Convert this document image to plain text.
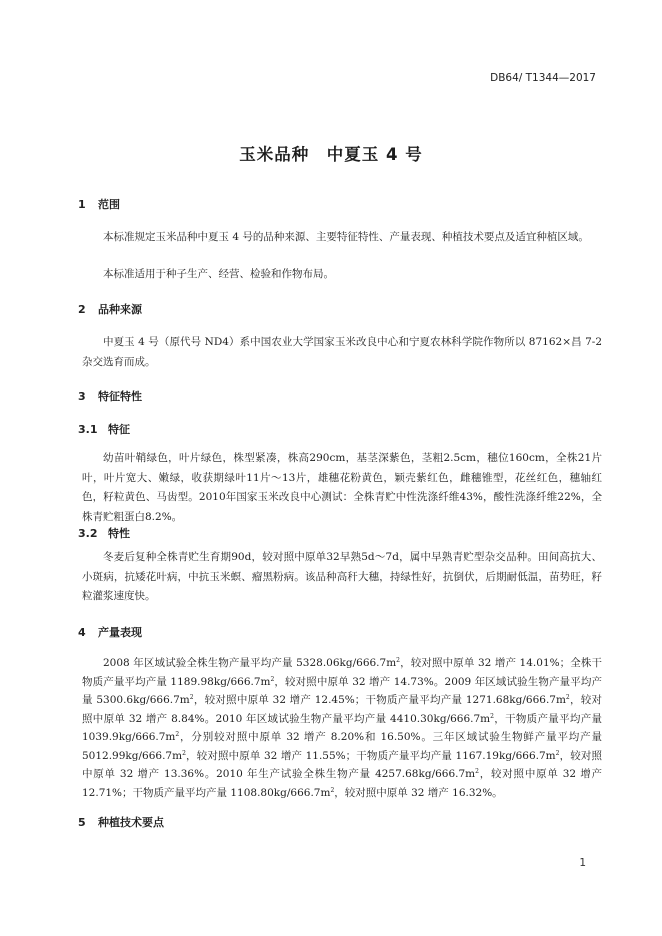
DB64/ T1344—2017
玉米品种　中夏玉 4 号
1 范围
本标准规定玉米品种中夏玉 4 号的品种来源、主要特征特性、产量表现、种植技术要点及适宜种植区域。
本标准适用于种子生产、经营、检验和作物布局。
2 品种来源
中夏玉 4 号（原代号 ND4）系中国农业大学国家玉米改良中心和宁夏农林科学院作物所以 87162×昌 7-2 杂交选育而成。
3 特征特性
3.1 特征
幼苗叶鞘绿色，叶片绿色，株型紧凑，株高290cm，基茎深紫色，茎粗2.5cm，穗位160cm，全株21片叶，叶片宽大、嫩绿，收获期绿叶11片～13片，雄穗花粉黄色，颖壳紫红色，雌穗锥型，花丝红色，穗轴红色，籽粒黄色、马齿型。2010年国家玉米改良中心测试：全株青贮中性洗涤纤维43%，酸性洗涤纤维22%，全株青贮粗蛋白8.2%。
3.2 特性
冬麦后复种全株青贮生育期90d，较对照中原单32早熟5d～7d，属中早熟青贮型杂交品种。田间高抗大、小斑病，抗矮花叶病，中抗玉米螟、瘤黑粉病。该品种高秆大穗，持绿性好，抗倒伏，后期耐低温，苗势旺，籽粒灌浆速度快。
4 产量表现
2008 年区域试验全株生物产量平均产量 $5328.06kg/666.7m^2$，较对照中原单 32 增产 14.01%；全株干物质产量平均产量 $1189.98kg/666.7m^2$，较对照中原单 32 增产 14.73%。2009 年区域试验生物产量平均产量 $5300.6kg/666.7m^2$，较对照中原单 32 增产 12.45%；干物质产量平均产量 $1271.68kg/666.7m^2$，较对照中原单 32 增产 8.84%。2010 年区域试验生物产量平均产量 $4410.30kg/666.7m^2$，干物质产量平均产量 $1039.9kg/666.7m^2$，分别较对照中原单 32 增产 8.20%和 16.50%。三年区域试验生物鲜产量平均产量 $5012.99kg/666.7m^2$，较对照中原单 32 增产 11.55%；干物质产量平均产量 $1167.19kg/666.7m^2$，较对照中原单 32 增产 13.36%。2010 年生产试验全株生物产量 $4257.68kg/666.7m^2$，较对照中原单 32 增产 12.71%；干物质产量平均产量 $1108.80kg/666.7m^2$，较对照中原单 32 增产 16.32%。
5 种植技术要点
1
